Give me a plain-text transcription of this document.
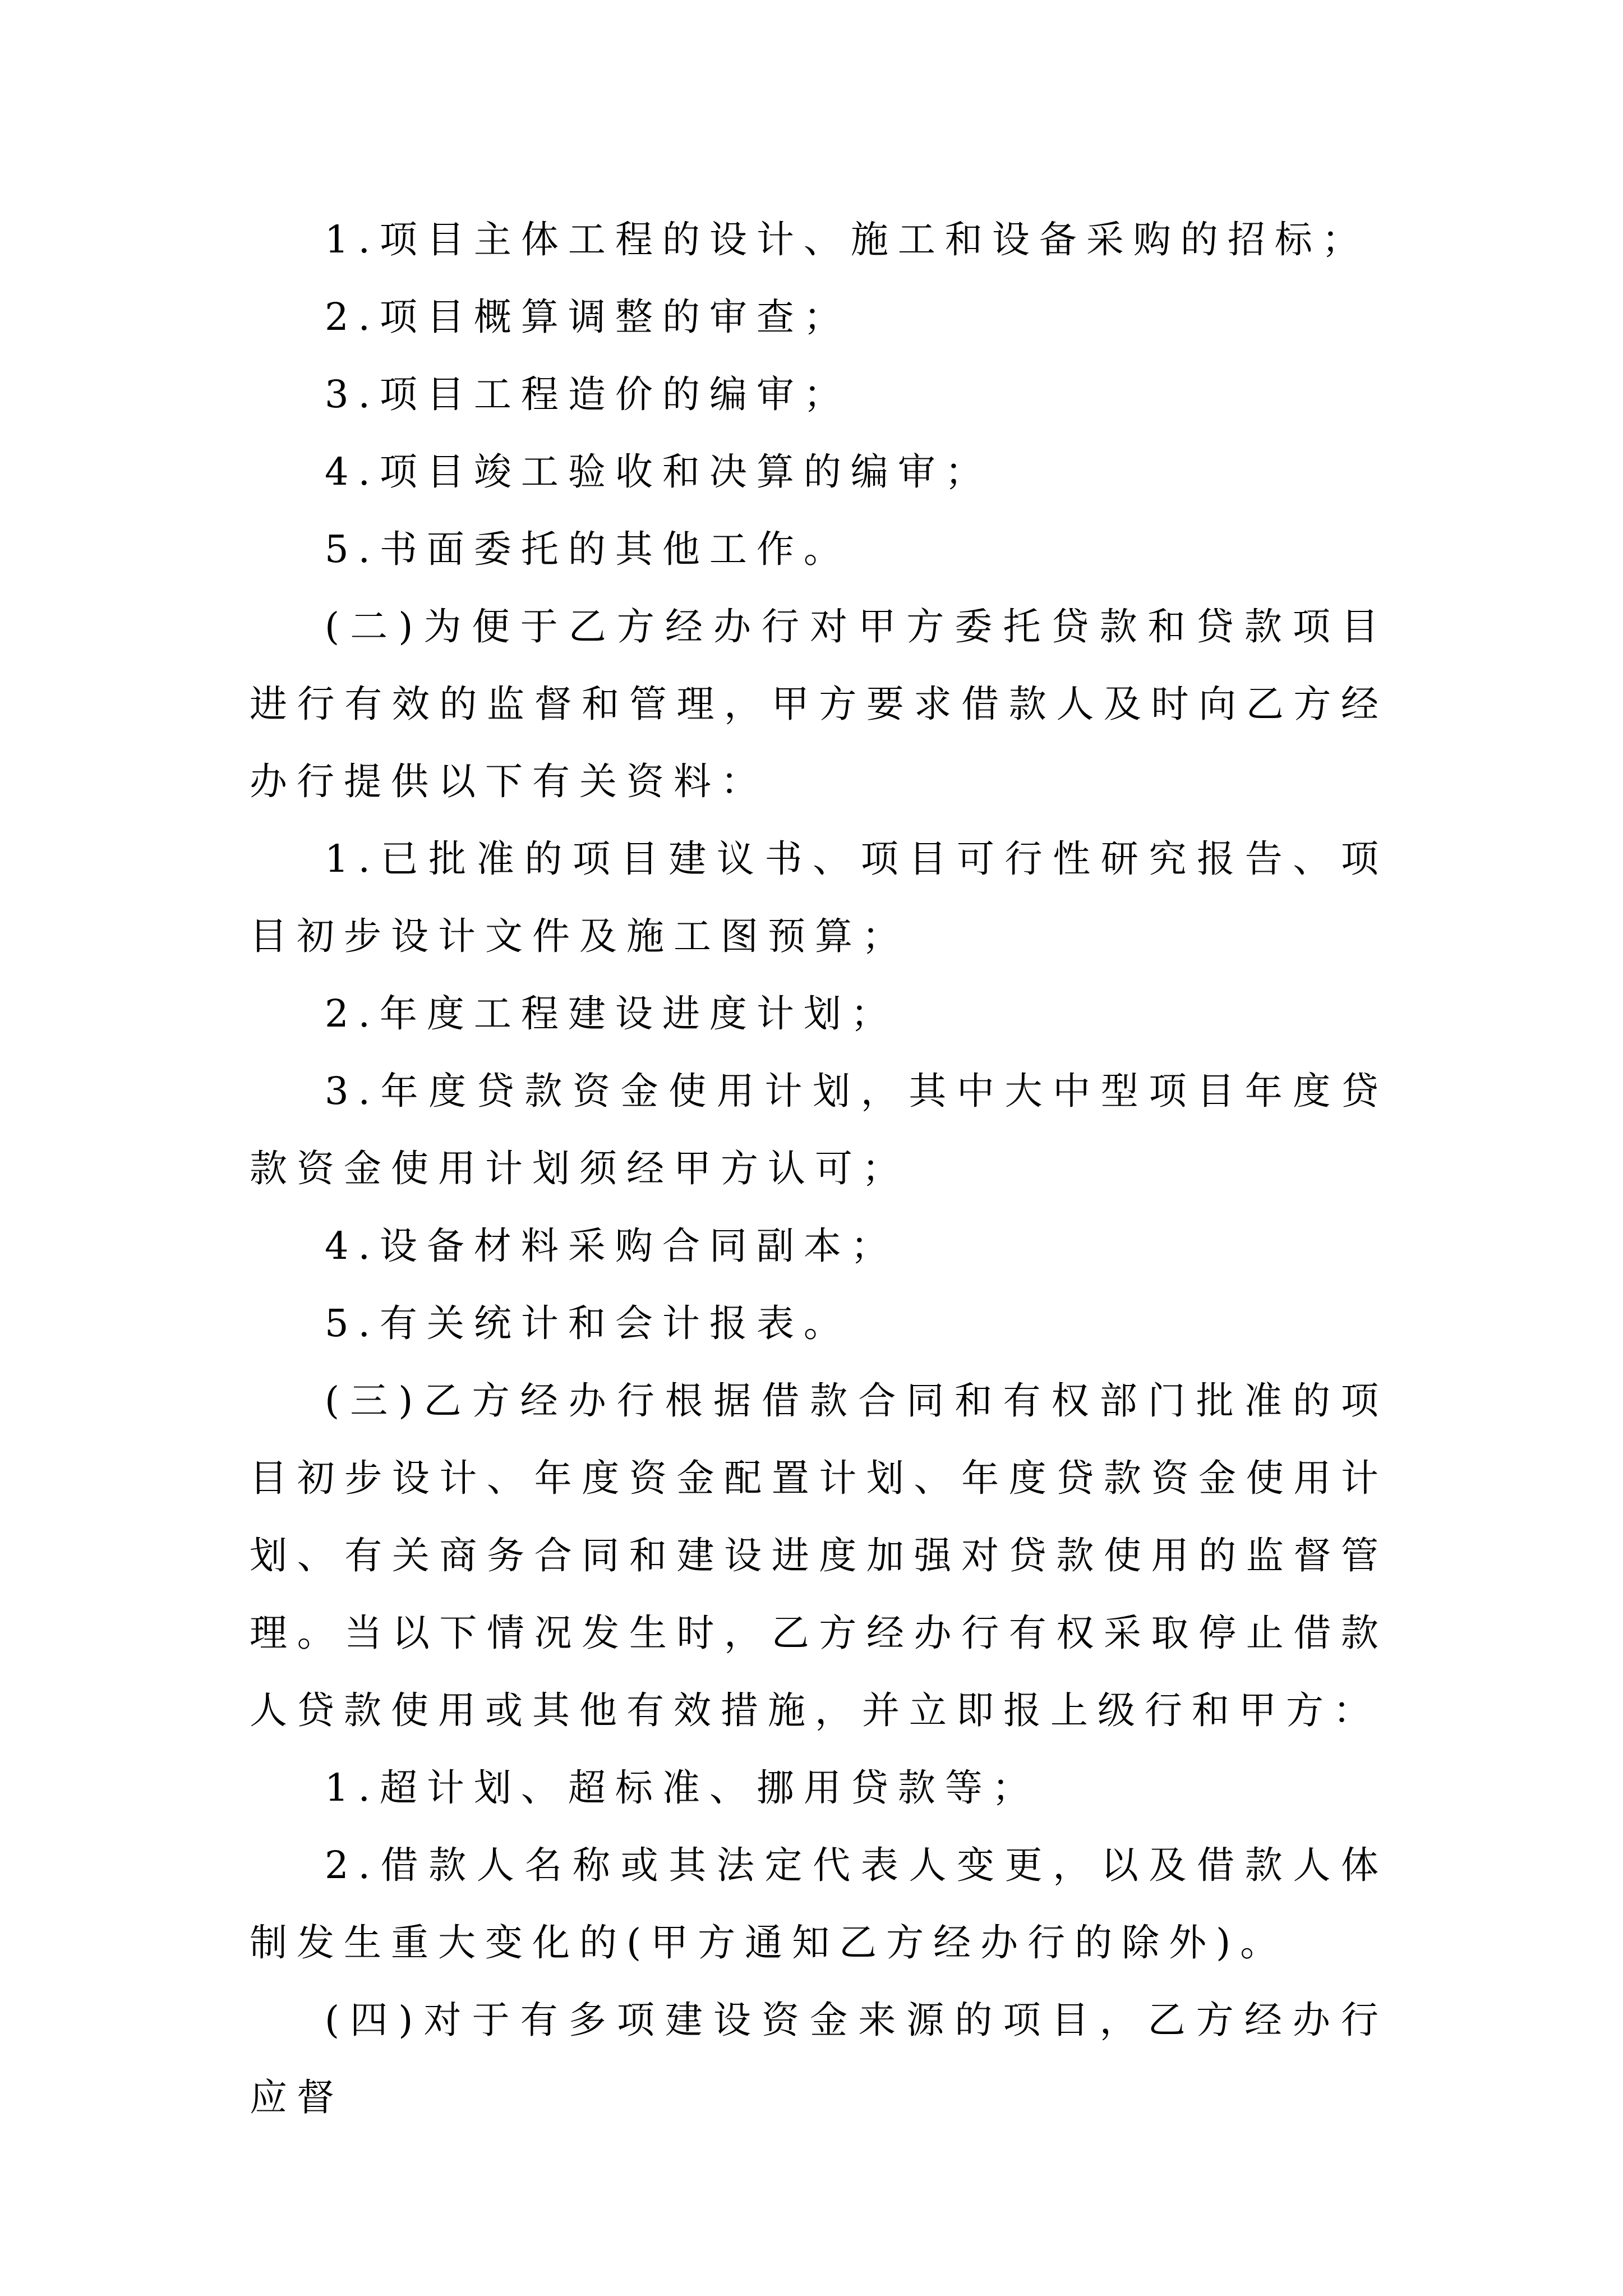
1.项目主体工程的设计、施工和设备采购的招标；

2.项目概算调整的审查；

3.项目工程造价的编审；

4.项目竣工验收和决算的编审；

5.书面委托的其他工作。

(二)为便于乙方经办行对甲方委托贷款和贷款项目进行有效的监督和管理，甲方要求借款人及时向乙方经办行提供以下有关资料：

1.已批准的项目建议书、项目可行性研究报告、项目初步设计文件及施工图预算；

2.年度工程建设进度计划；

3.年度贷款资金使用计划，其中大中型项目年度贷款资金使用计划须经甲方认可；

4.设备材料采购合同副本；

5.有关统计和会计报表。

(三)乙方经办行根据借款合同和有权部门批准的项目初步设计、年度资金配置计划、年度贷款资金使用计划、有关商务合同和建设进度加强对贷款使用的监督管理。当以下情况发生时，乙方经办行有权采取停止借款人贷款使用或其他有效措施，并立即报上级行和甲方：

1.超计划、超标准、挪用贷款等；

2.借款人名称或其法定代表人变更，以及借款人体制发生重大变化的(甲方通知乙方经办行的除外)。

(四)对于有多项建设资金来源的项目，乙方经办行应督
